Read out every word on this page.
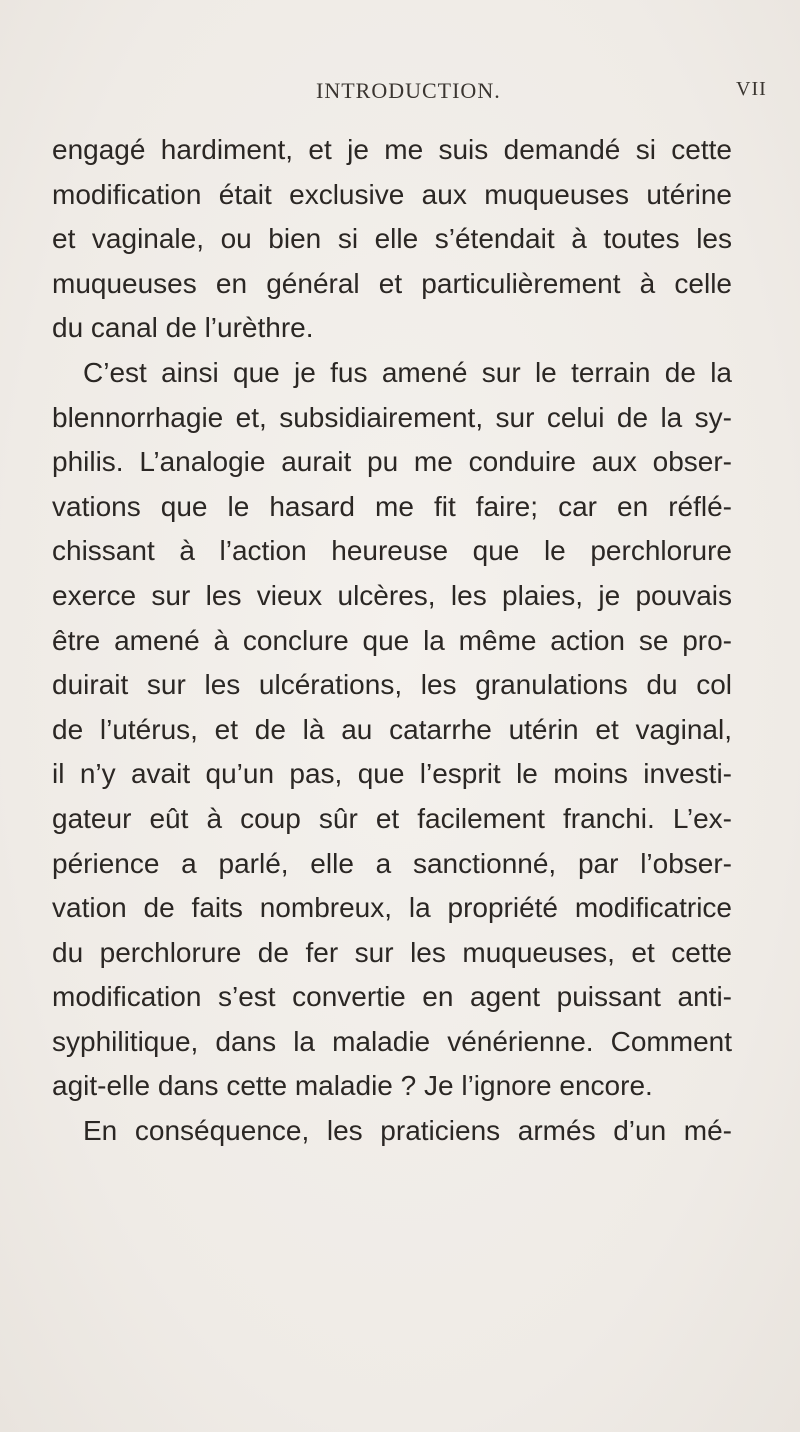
INTRODUCTION.	VII
engagé hardiment, et je me suis demandé si cette
modification était exclusive aux muqueuses utérine
et vaginale, ou bien si elle s’étendait à toutes les
muqueuses en général et particulièrement à celle
du canal de l’urèthre.
C’est ainsi que je fus amené sur le terrain de la
blennorrhagie et, subsidiairement, sur celui de la sy-
philis. L’analogie aurait pu me conduire aux obser-
vations que le hasard me fit faire; car en réflé-
chissant à l’action heureuse que le perchlorure
exerce sur les vieux ulcères, les plaies, je pouvais
être amené à conclure que la même action se pro-
duirait sur les ulcérations, les granulations du col
de l’utérus, et de là au catarrhe utérin et vaginal,
il n’y avait qu’un pas, que l’esprit le moins investi-
gateur eût à coup sûr et facilement franchi. L’ex-
périence a parlé, elle a sanctionné, par l’obser-
vation de faits nombreux, la propriété modificatrice
du perchlorure de fer sur les muqueuses, et cette
modification s’est convertie en agent puissant anti-
syphilitique, dans la maladie vénérienne. Comment
agit-elle dans cette maladie ? Je l’ignore encore.
En conséquence, les praticiens armés d’un mé-
